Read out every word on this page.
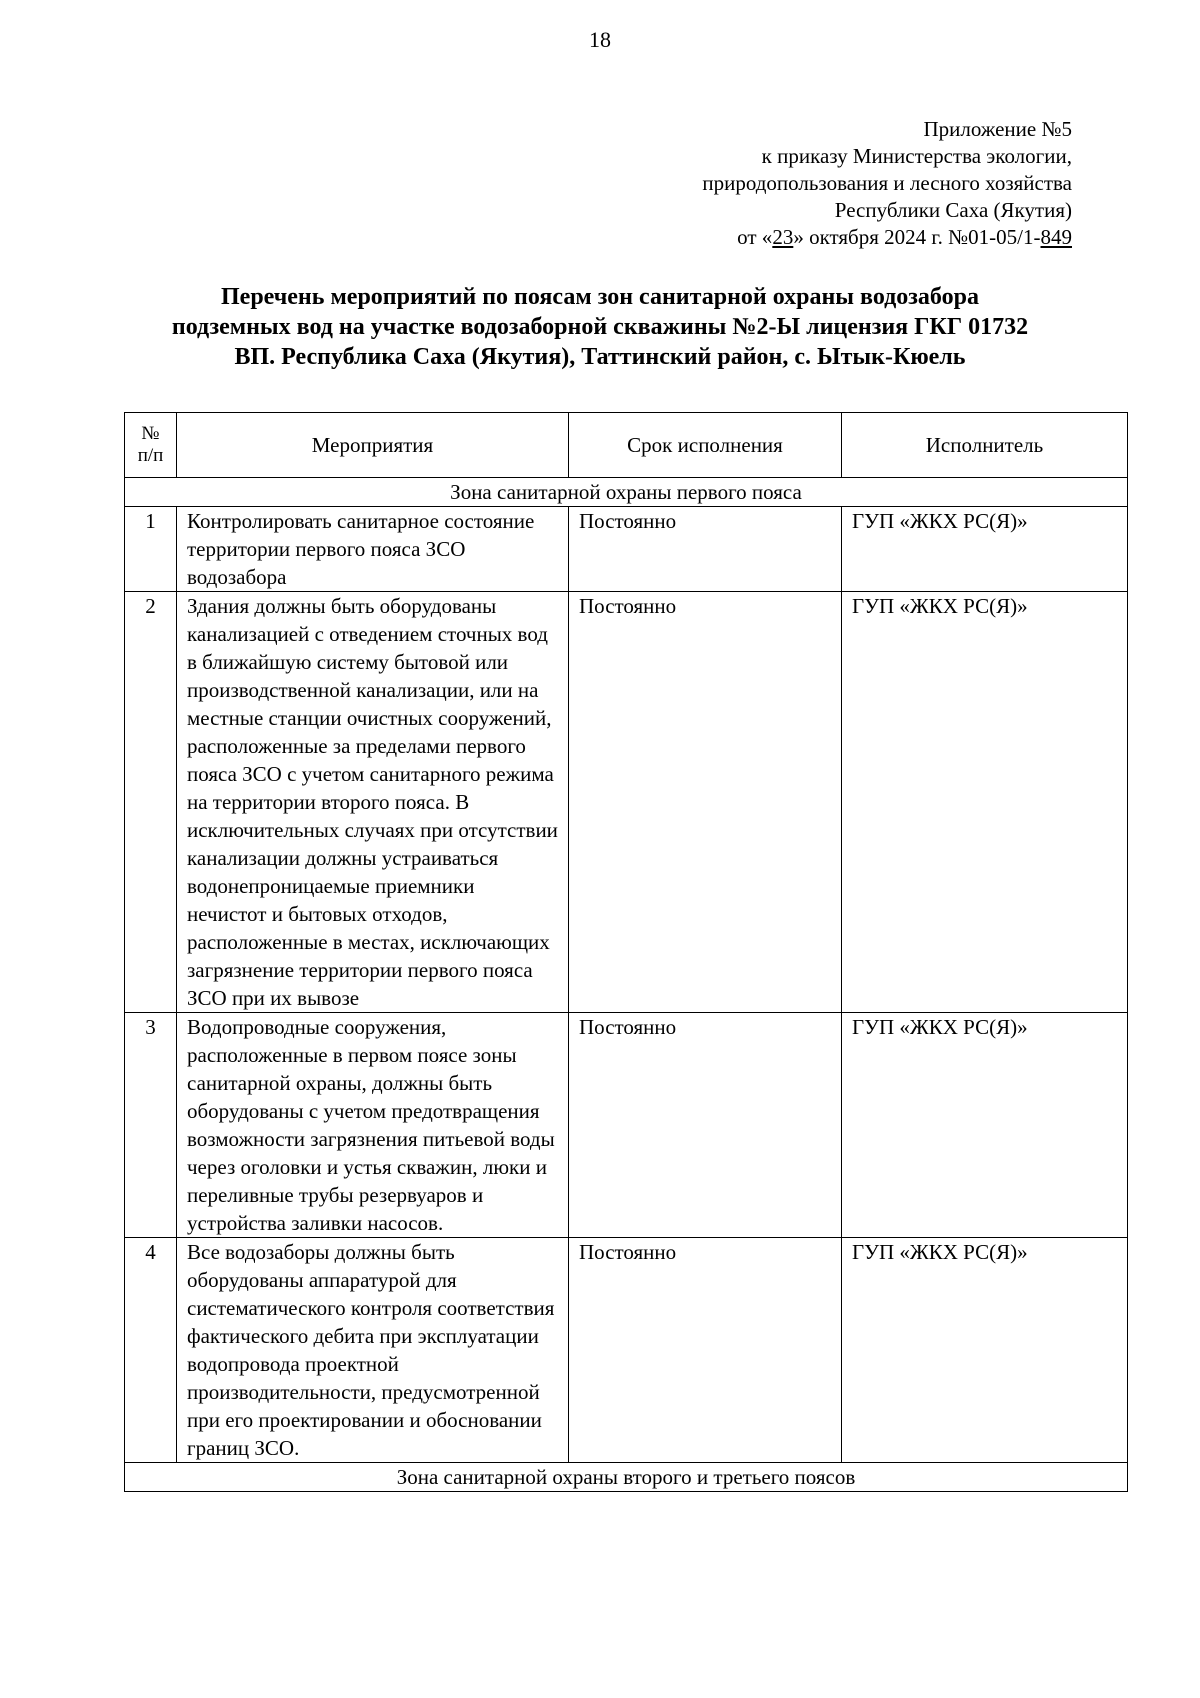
18
Приложение №5
к приказу Министерства экологии,
природопользования и лесного хозяйства
Республики Саха (Якутия)
от «23» октября 2024 г. №01-05/1-849
Перечень мероприятий по поясам зон санитарной охраны водозабора
подземных вод на участке водозаборной скважины №2-Ы лицензия ГКГ 01732
ВП. Республика Саха (Якутия), Таттинский район, с. Ытык-Кюель
№
п/п	Мероприятия	Срок исполнения	Исполнитель
Зона санитарной охраны первого пояса			
1	Контролировать санитарное состояние территории первого пояса ЗСО водозабора	Постоянно	ГУП «ЖКХ РС(Я)»
2	Здания должны быть оборудованы канализацией с отведением сточных вод в ближайшую систему бытовой или производственной канализации, или на местные станции очистных сооружений, расположенные за пределами первого пояса ЗСО с учетом санитарного режима на территории второго пояса. В исключительных случаях при отсутствии канализации должны устраиваться водонепроницаемые приемники нечистот и бытовых отходов, расположенные в местах, исключающих загрязнение территории первого пояса ЗСО при их вывозе	Постоянно	ГУП «ЖКХ РС(Я)»
3	Водопроводные сооружения, расположенные в первом поясе зоны санитарной охраны, должны быть оборудованы с учетом предотвращения возможности загрязнения питьевой воды через оголовки и устья скважин, люки и переливные трубы резервуаров и устройства заливки насосов.	Постоянно	ГУП «ЖКХ РС(Я)»
4	Все водозаборы должны быть оборудованы аппаратурой для систематического контроля соответствия фактического дебита при эксплуатации водопровода проектной производительности, предусмотренной при его проектировании и обосновании границ ЗСО.	Постоянно	ГУП «ЖКХ РС(Я)»
Зона санитарной охраны второго и третьего поясов			
